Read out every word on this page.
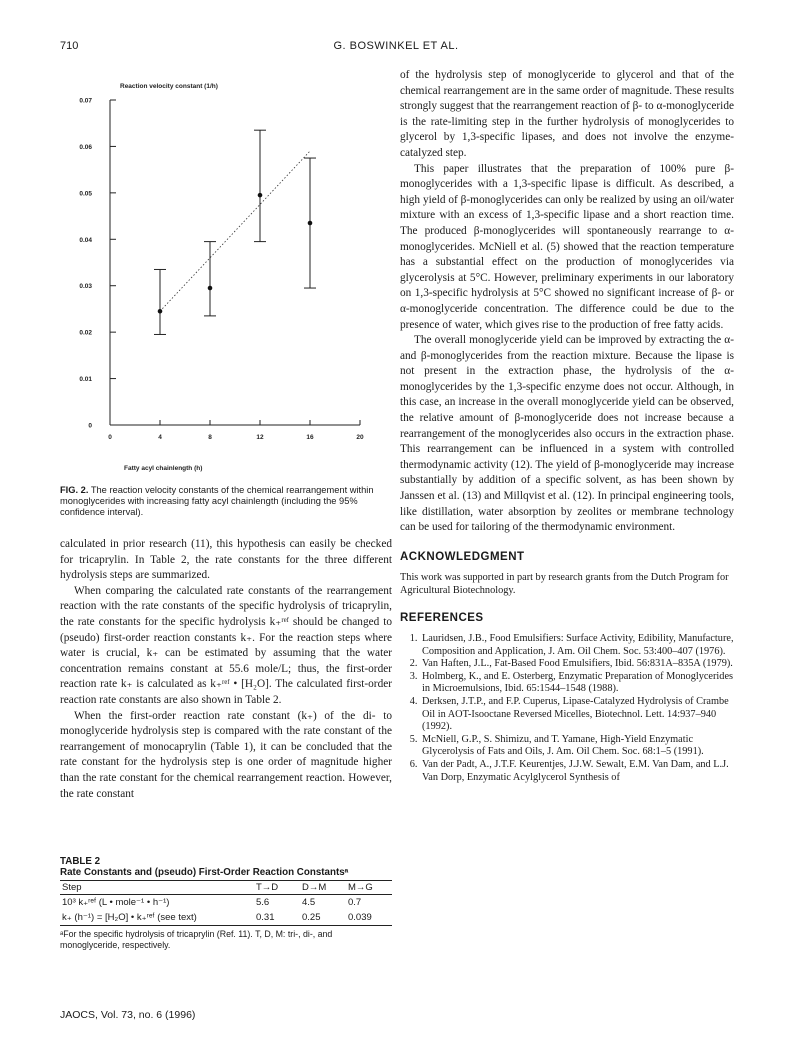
710	G. BOSWINKEL ET AL.
Reaction velocity constant (1/h)
0
0.01
0.02
0.03
0.04
0.05
0.06
0.07
0	4	8	12	16	20
Fatty acyl chainlength (h)
FIG. 2. The reaction velocity constants of the chemical rearrangement within monoglycerides with increasing fatty acyl chainlength (including the 95% confidence interval).

calculated in prior research (11), this hypothesis can easily be checked for tricaprylin. In Table 2, the rate constants for the three different hydrolysis steps are summarized.

When comparing the calculated rate constants of the rearrangement reaction with the rate constants of the specific hydrolysis of tricaprylin, the rate constants for the specific hydrolysis k₊ʳᵉᶠ should be changed to (pseudo) first-order reaction constants k₊. For the reaction steps where water is crucial, k₊ can be estimated by assuming that the water concentration remains constant at 55.6 mole/L; thus, the first-order reaction rate k₊ is calculated as k₊ʳᵉᶠ • [H₂O]. The calculated first-order reaction rate constants are also shown in Table 2.

When the first-order reaction rate constant (k₊) of the di- to monoglyceride hydrolysis step is compared with the rate constant of the rearrangement of monocaprylin (Table 1), it can be concluded that the rate constant for the hydrolysis step is one order of magnitude higher than the rate constant for the chemical rearrangement reaction. However, the rate constant

TABLE 2
Rate Constants and (pseudo) First-Order Reaction Constantsᵃ
Step	T→D	D→M	M→G
10³ k₊ʳᵉᶠ (L • mole⁻¹ • h⁻¹)	5.6	4.5	0.7
k₊ (h⁻¹) = [H₂O] • k₊ʳᵉᶠ (see text)	0.31	0.25	0.039
ᵃFor the specific hydrolysis of tricaprylin (Ref. 11). T, D, M: tri-, di-, and monoglyceride, respectively.

of the hydrolysis step of monoglyceride to glycerol and that of the chemical rearrangement are in the same order of magnitude. These results strongly suggest that the rearrangement reaction of β- to α-monoglyceride is the rate-limiting step in the further hydrolysis of monoglycerides to glycerol by 1,3-specific lipases, and does not involve the enzyme-catalyzed step.

This paper illustrates that the preparation of 100% pure β-monoglycerides with a 1,3-specific lipase is difficult. As described, a high yield of β-monoglycerides can only be realized by using an oil/water mixture with an excess of 1,3-specific lipase and a short reaction time. The produced β-monoglycerides will spontaneously rearrange to α-monoglycerides. McNiell et al. (5) showed that the reaction temperature has a substantial effect on the production of monoglycerides via glycerolysis at 5°C. However, preliminary experiments in our laboratory on 1,3-specific hydrolysis at 5°C showed no significant increase of β- or α-monoglyceride concentration. The difference could be due to the presence of water, which gives rise to the production of free fatty acids.

The overall monoglyceride yield can be improved by extracting the α- and β-monoglycerides from the reaction mixture. Because the lipase is not present in the extraction phase, the hydrolysis of the α-monoglycerides by the 1,3-specific enzyme does not occur. Although, in this case, an increase in the overall monoglyceride yield can be observed, the relative amount of β-monoglyceride does not increase because a rearrangement of the monoglycerides also occurs in the extraction phase. This rearrangement can be influenced in a system with controlled thermodynamic activity (12). The yield of β-monoglyceride may increase substantially by addition of a specific solvent, as has been shown by Janssen et al. (13) and Millqvist et al. (12). In principal engineering tools, like distillation, water absorption by zeolites or membrane technology can be used for tailoring of the thermodynamic environment.

ACKNOWLEDGMENT
This work was supported in part by research grants from the Dutch Program for Agricultural Biotechnology.
REFERENCES
1. Lauridsen, J.B., Food Emulsifiers: Surface Activity, Edibility, Manufacture, Composition and Application, J. Am. Oil Chem. Soc. 53:400–407 (1976).
2. Van Haften, J.L., Fat-Based Food Emulsifiers, Ibid. 56:831A–835A (1979).
3. Holmberg, K., and E. Osterberg, Enzymatic Preparation of Monoglycerides in Microemulsions, Ibid. 65:1544–1548 (1988).
4. Derksen, J.T.P., and F.P. Cuperus, Lipase-Catalyzed Hydrolysis of Crambe Oil in AOT-Isooctane Reversed Micelles, Biotechnol. Lett. 14:937–940 (1992).
5. McNiell, G.P., S. Shimizu, and T. Yamane, High-Yield Enzymatic Glycerolysis of Fats and Oils, J. Am. Oil Chem. Soc. 68:1–5 (1991).
6. Van der Padt, A., J.T.F. Keurentjes, J.J.W. Sewalt, E.M. Van Dam, and L.J. Van Dorp, Enzymatic Acylglycerol Synthesis of
JAOCS, Vol. 73, no. 6 (1996)
